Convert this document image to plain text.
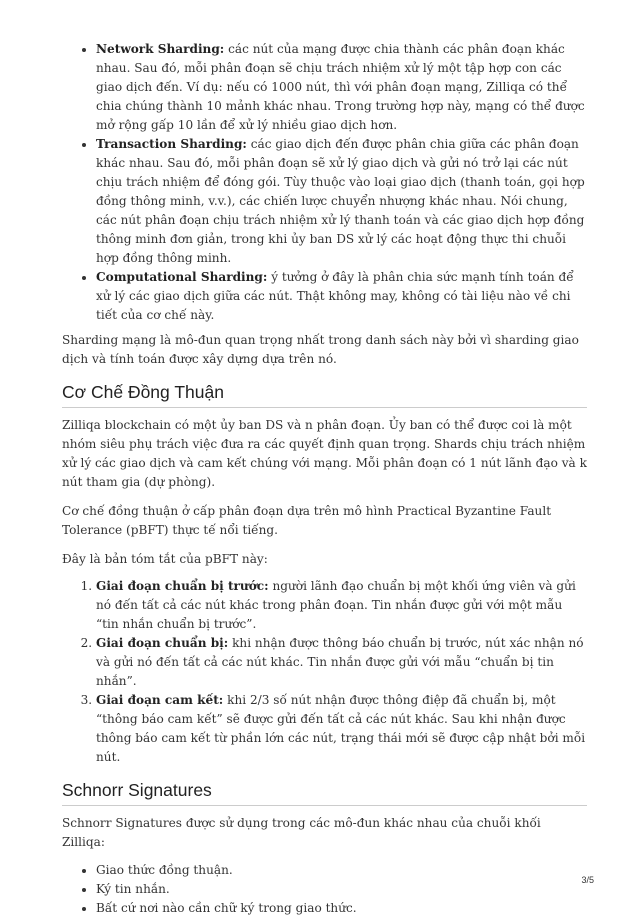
• Network Sharding: các nút của mạng được chia thành các phân đoạn khác nhau. Sau đó, mỗi phân đoạn sẽ chịu trách nhiệm xử lý một tập hợp con các giao dịch đến. Ví dụ: nếu có 1000 nút, thì với phân đoạn mạng, Zilliqa có thể chia chúng thành 10 mảnh khác nhau. Trong trường hợp này, mạng có thể được mở rộng gấp 10 lần để xử lý nhiều giao dịch hơn.
• Transaction Sharding: các giao dịch đến được phân chia giữa các phân đoạn khác nhau. Sau đó, mỗi phân đoạn sẽ xử lý giao dịch và gửi nó trở lại các nút chịu trách nhiệm để đóng gói. Tùy thuộc vào loại giao dịch (thanh toán, gọi hợp đồng thông minh, v.v.), các chiến lược chuyển nhượng khác nhau. Nói chung, các nút phân đoạn chịu trách nhiệm xử lý thanh toán và các giao dịch hợp đồng thông minh đơn giản, trong khi ủy ban DS xử lý các hoạt động thực thi chuỗi hợp đồng thông minh.
• Computational Sharding: ý tưởng ở đây là phân chia sức mạnh tính toán để xử lý các giao dịch giữa các nút. Thật không may, không có tài liệu nào về chi tiết của cơ chế này.

Sharding mạng là mô-đun quan trọng nhất trong danh sách này bởi vì sharding giao dịch và tính toán được xây dựng dựa trên nó.

Cơ Chế Đồng Thuận

Zilliqa blockchain có một ủy ban DS và n phân đoạn. Ủy ban có thể được coi là một nhóm siêu phụ trách việc đưa ra các quyết định quan trọng. Shards chịu trách nhiệm xử lý các giao dịch và cam kết chúng với mạng. Mỗi phân đoạn có 1 nút lãnh đạo và k nút tham gia (dự phòng).

Cơ chế đồng thuận ở cấp phân đoạn dựa trên mô hình Practical Byzantine Fault Tolerance (pBFT) thực tế nổi tiếng.

Đây là bản tóm tắt của pBFT này:

1. Giai đoạn chuẩn bị trước: người lãnh đạo chuẩn bị một khối ứng viên và gửi nó đến tất cả các nút khác trong phân đoạn. Tin nhắn được gửi với một mẫu “tin nhắn chuẩn bị trước”.
2. Giai đoạn chuẩn bị: khi nhận được thông báo chuẩn bị trước, nút xác nhận nó và gửi nó đến tất cả các nút khác. Tin nhắn được gửi với mẫu “chuẩn bị tin nhắn”.
3. Giai đoạn cam kết: khi 2/3 số nút nhận được thông điệp đã chuẩn bị, một “thông báo cam kết” sẽ được gửi đến tất cả các nút khác. Sau khi nhận được thông báo cam kết từ phần lớn các nút, trạng thái mới sẽ được cập nhật bởi mỗi nút.
Schnorr Signatures

Schnorr Signatures được sử dụng trong các mô-đun khác nhau của chuỗi khối Zilliqa:

• Giao thức đồng thuận.
• Ký tin nhắn.
• Bất cứ nơi nào cần chữ ký trong giao thức.
3/5
